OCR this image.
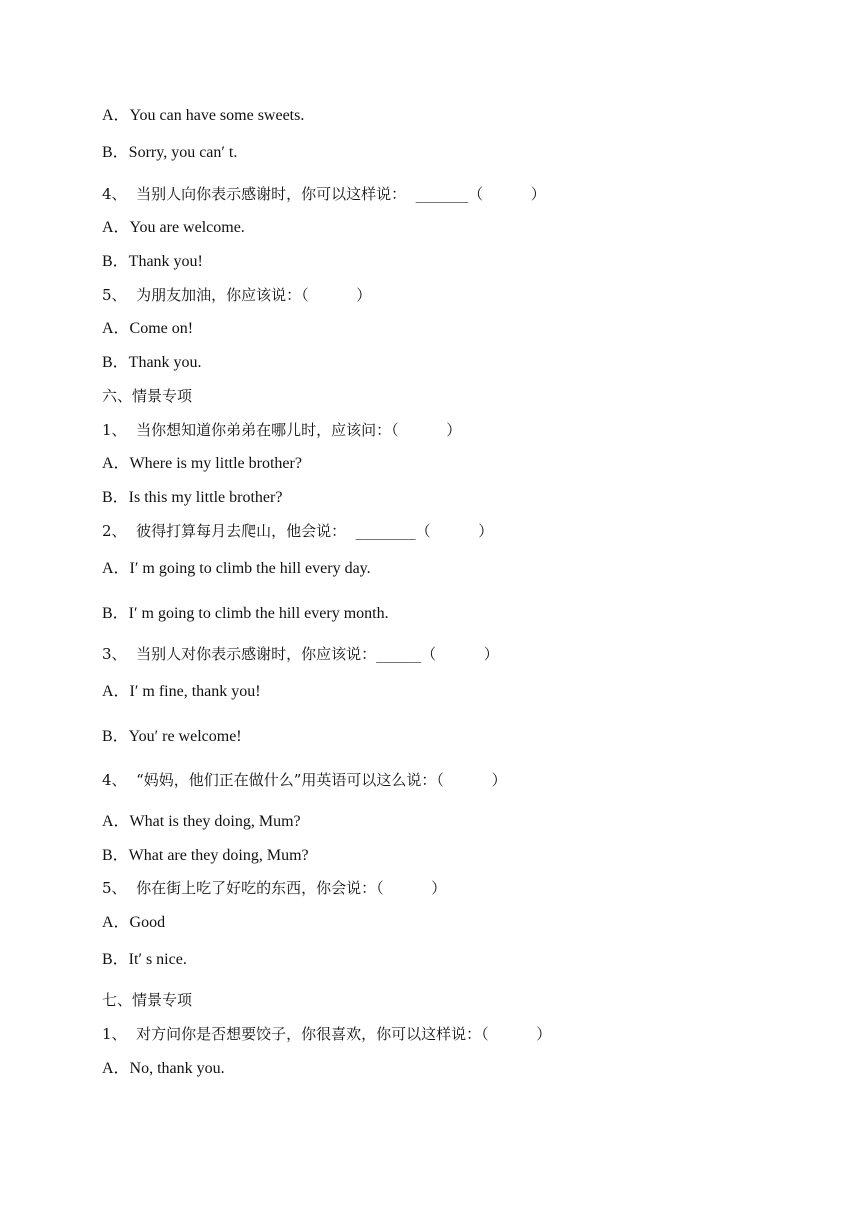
A．You can have some sweets.
B．Sorry, you can′ t.
4、  当别人向你表示感谢时，你可以这样说：  _______（          ）
A．You are welcome.
B．Thank you!
5、  为朋友加油，你应该说：（          ）
A．Come on!
B．Thank you.
六、情景专项
1、  当你想知道你弟弟在哪儿时，应该问：（          ）
A．Where is my little brother?
B．Is this my little brother?
2、  彼得打算每月去爬山，他会说：  ________（          ）
A．I′ m going to climb the hill every day.
B．I′ m going to climb the hill every month.
3、  当别人对你表示感谢时，你应该说：______（          ）
A．I′ m fine, thank you!
B．You′ re welcome!
4、  “妈妈，他们正在做什么”用英语可以这么说：（          ）
A．What is they doing, Mum?
B．What are they doing, Mum?
5、  你在街上吃了好吃的东西，你会说：（          ）
A．Good
B．It′ s nice.
七、情景专项
1、  对方问你是否想要饺子，你很喜欢，你可以这样说：（          ）
A．No, thank you.
